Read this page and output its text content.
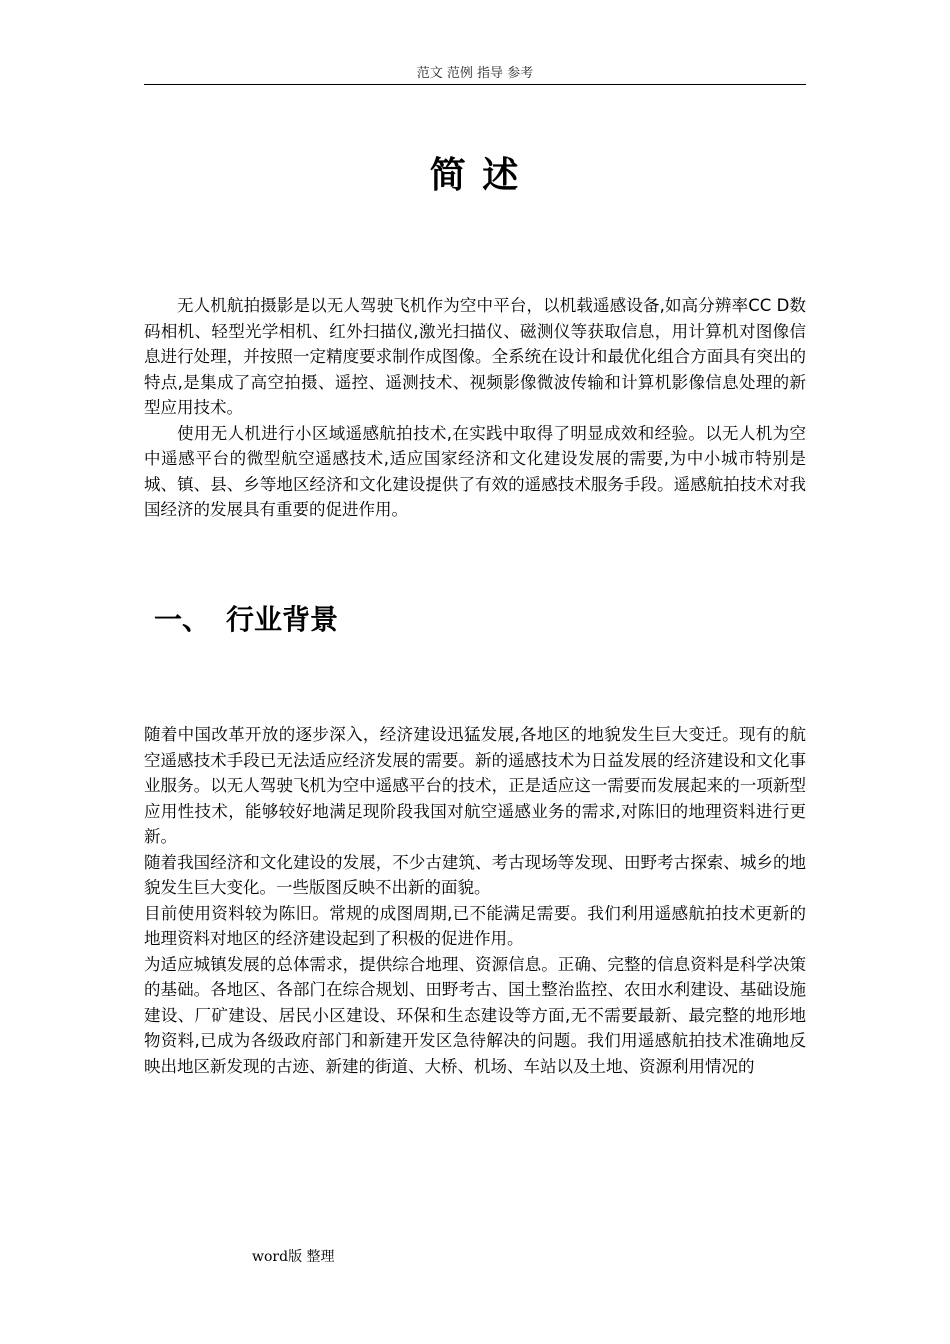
范文 范例 指导 参考
简 述

无人机航拍摄影是以无人驾驶飞机作为空中平台，以机载遥感设备,如高分辨率CC D数码相机、轻型光学相机、红外扫描仪,激光扫描仪、磁测仪等获取信息，用计算机对图像信息进行处理，并按照一定精度要求制作成图像。全系统在设计和最优化组合方面具有突出的特点,是集成了高空拍摄、遥控、遥测技术、视频影像微波传输和计算机影像信息处理的新型应用技术。

使用无人机进行小区域遥感航拍技术,在实践中取得了明显成效和经验。以无人机为空中遥感平台的微型航空遥感技术,适应国家经济和文化建设发展的需要,为中小城市特别是城、镇、县、乡等地区经济和文化建设提供了有效的遥感技术服务手段。遥感航拍技术对我国经济的发展具有重要的促进作用。

一、 行业背景

随着中国改革开放的逐步深入，经济建设迅猛发展,各地区的地貌发生巨大变迁。现有的航空遥感技术手段已无法适应经济发展的需要。新的遥感技术为日益发展的经济建设和文化事业服务。以无人驾驶飞机为空中遥感平台的技术，正是适应这一需要而发展起来的一项新型应用性技术，能够较好地满足现阶段我国对航空遥感业务的需求,对陈旧的地理资料进行更新。

随着我国经济和文化建设的发展，不少古建筑、考古现场等发现、田野考古探索、城乡的地貌发生巨大变化。一些版图反映不出新的面貌。

目前使用资料较为陈旧。常规的成图周期,已不能满足需要。我们利用遥感航拍技术更新的地理资料对地区的经济建设起到了积极的促进作用。

为适应城镇发展的总体需求，提供综合地理、资源信息。正确、完整的信息资料是科学决策的基础。各地区、各部门在综合规划、田野考古、国土整治监控、农田水利建设、基础设施建设、厂矿建设、居民小区建设、环保和生态建设等方面,无不需要最新、最完整的地形地物资料,已成为各级政府部门和新建开发区急待解决的问题。我们用遥感航拍技术准确地反映出地区新发现的古迹、新建的街道、大桥、机场、车站以及土地、资源利用情况的

word版 整理
